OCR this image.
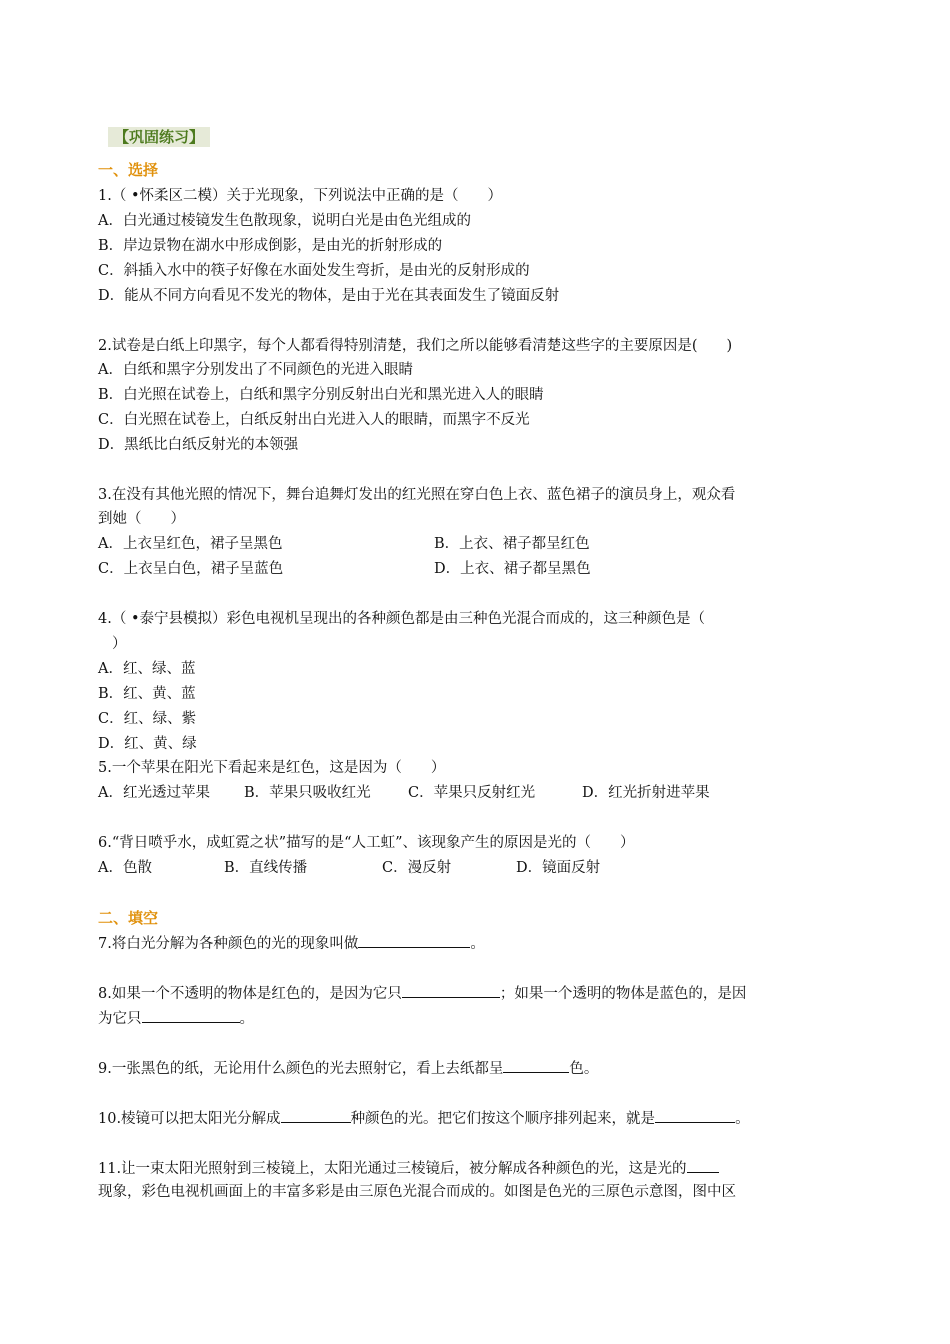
【巩固练习】
一、选择
1.（ •怀柔区二模）关于光现象，下列说法中正确的是（　　）
A．白光通过棱镜发生色散现象，说明白光是由色光组成的
B．岸边景物在湖水中形成倒影，是由光的折射形成的
C．斜插入水中的筷子好像在水面处发生弯折，是由光的反射形成的
D．能从不同方向看见不发光的物体，是由于光在其表面发生了镜面反射
2.试卷是白纸上印黑字，每个人都看得特别清楚，我们之所以能够看清楚这些字的主要原因是(　　)
A．白纸和黑字分别发出了不同颜色的光进入眼睛
B．白光照在试卷上，白纸和黑字分别反射出白光和黑光进入人的眼睛
C．白光照在试卷上，白纸反射出白光进入人的眼睛，而黑字不反光
D．黑纸比白纸反射光的本领强
3.在没有其他光照的情况下，舞台追舞灯发出的红光照在穿白色上衣、蓝色裙子的演员身上，观众看
到她（　　）
A．上衣呈红色，裙子呈黑色	B．上衣、裙子都呈红色
C．上衣呈白色，裙子呈蓝色	D．上衣、裙子都呈黑色
4.（ •泰宁县模拟）彩色电视机呈现出的各种颜色都是由三种色光混合而成的，这三种颜色是（
）
A．红、绿、蓝
B．红、黄、蓝
C．红、绿、紫
D．红、黄、绿
5.一个苹果在阳光下看起来是红色，这是因为（　　）
A．红光透过苹果 B．苹果只吸收红光	C．苹果只反射红光	D．红光折射进苹果
6.“背日喷乎水，成虹霓之状”描写的是“人工虹”、该现象产生的原因是光的（　　）
A．色散	B．直线传播	C．漫反射	D．镜面反射
二、填空
7.将白光分解为各种颜色的光的现象叫做	。
8.如果一个不透明的物体是红色的，是因为它只	；如果一个透明的物体是蓝色的，是因
为它只	。
9.一张黑色的纸，无论用什么颜色的光去照射它，看上去纸都呈	色。
10.棱镜可以把太阳光分解成	种颜色的光。把它们按这个顺序排列起来，就是	。
11.让一束太阳光照射到三棱镜上，太阳光通过三棱镜后，被分解成各种颜色的光，这是光的
现象，彩色电视机画面上的丰富多彩是由三原色光混合而成的。如图是色光的三原色示意图，图中区
